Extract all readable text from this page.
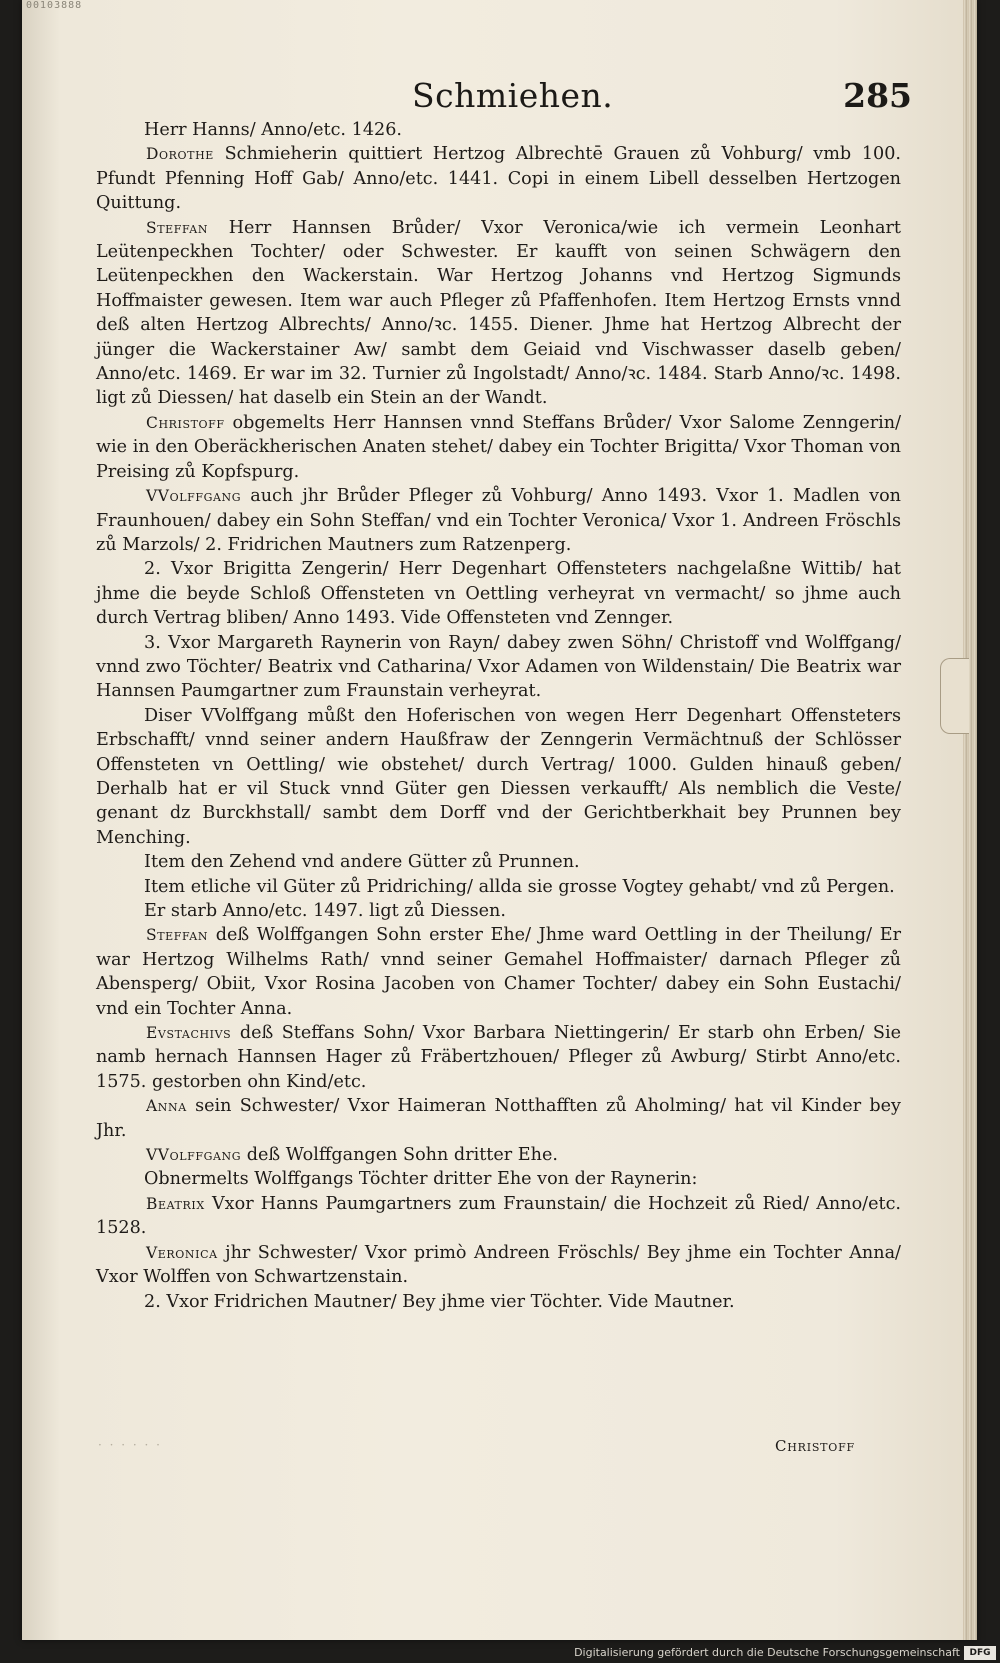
00103888
Schmiehen.	285

Herr Hanns/ Anno/etc. 1426.

Dorothe Schmieherin quittiert Hertzog Albrechtē Grauen zů Vohburg/ vmb 100. Pfundt Pfenning Hoff Gab/ Anno/etc. 1441. Copi in einem Libell desselben Hertzogen Quittung.

Steffan Herr Hannsen Brůder/ Vxor Veronica/wie ich vermein Leonhart Leütenpeckhen Tochter/ oder Schwester. Er kaufft von seinen Schwägern den Leütenpeckhen den Wackerstain. War Hertzog Johanns vnd Hertzog Sigmunds Hoffmaister gewesen. Item war auch Pfleger zů Pfaffenhofen. Item Hertzog Ernsts vnnd deß alten Hertzog Albrechts/ Anno/ꝛc. 1455. Diener. Jhme hat Hertzog Albrecht der jünger die Wackerstainer Aw/ sambt dem Geiaid vnd Vischwasser daselb geben/ Anno/etc. 1469. Er war im 32. Turnier zů Ingolstadt/ Anno/ꝛc. 1484. Starb Anno/ꝛc. 1498. ligt zů Diessen/ hat daselb ein Stein an der Wandt.

Christoff obgemelts Herr Hannsen vnnd Steffans Brůder/ Vxor Salome Zenngerin/ wie in den Oberäckherischen Anaten stehet/ dabey ein Tochter Brigitta/ Vxor Thoman von Preising zů Kopfspurg.

VVolffgang auch jhr Brůder Pfleger zů Vohburg/ Anno 1493. Vxor 1. Madlen von Fraunhouen/ dabey ein Sohn Steffan/ vnd ein Tochter Veronica/ Vxor 1. Andreen Fröschls zů Marzols/ 2. Fridrichen Mautners zum Ratzenperg.

2. Vxor Brigitta Zengerin/ Herr Degenhart Offensteters nachgelaßne Wittib/ hat jhme die beyde Schloß Offensteten vn Oettling verheyrat vn vermacht/ so jhme auch durch Vertrag bliben/ Anno 1493. Vide Offensteten vnd Zennger.

3. Vxor Margareth Raynerin von Rayn/ dabey zwen Söhn/ Christoff vnd Wolffgang/ vnnd zwo Töchter/ Beatrix vnd Catharina/ Vxor Adamen von Wildenstain/ Die Beatrix war Hannsen Paumgartner zum Fraunstain verheyrat.

Diser VVolffgang můßt den Hoferischen von wegen Herr Degenhart Offensteters Erbschafft/ vnnd seiner andern Haußfraw der Zenngerin Vermächtnuß der Schlösser Offensteten vn Oettling/ wie obstehet/ durch Vertrag/ 1000. Gulden hinauß geben/ Derhalb hat er vil Stuck vnnd Güter gen Diessen verkaufft/ Als nemblich die Veste/ genant dz Burckhstall/ sambt dem Dorff vnd der Gerichtberkhait bey Prunnen bey Menching.

Item den Zehend vnd andere Gütter zů Prunnen.

Item etliche vil Güter zů Pridriching/ allda sie grosse Vogtey gehabt/ vnd zů Pergen.

Er starb Anno/etc. 1497. ligt zů Diessen.

Steffan deß Wolffgangen Sohn erster Ehe/ Jhme ward Oettling in der Theilung/ Er war Hertzog Wilhelms Rath/ vnnd seiner Gemahel Hoffmaister/ darnach Pfleger zů Abensperg/ Obiit, Vxor Rosina Jacoben von Chamer Tochter/ dabey ein Sohn Eustachi/ vnd ein Tochter Anna.

Evstachivs deß Steffans Sohn/ Vxor Barbara Niettingerin/ Er starb ohn Erben/ Sie namb hernach Hannsen Hager zů Fräbertzhouen/ Pfleger zů Awburg/ Stirbt Anno/etc. 1575. gestorben ohn Kind/etc.

Anna sein Schwester/ Vxor Haimeran Notthafften zů Aholming/ hat vil Kinder bey Jhr.

VVolffgang deß Wolffgangen Sohn dritter Ehe.

Obnermelts Wolffgangs Töchter dritter Ehe von der Raynerin:

Beatrix Vxor Hanns Paumgartners zum Fraunstain/ die Hochzeit zů Ried/ Anno/etc. 1528.

Veronica jhr Schwester/ Vxor primò Andreen Fröschls/ Bey jhme ein Tochter Anna/ Vxor Wolffen von Schwartzenstain.

2. Vxor Fridrichen Mautner/ Bey jhme vier Töchter. Vide Mautner.

· · · · · ·	Christoff
Digitalisierung gefördert durch die Deutsche Forschungsgemeinschaft	DFG
